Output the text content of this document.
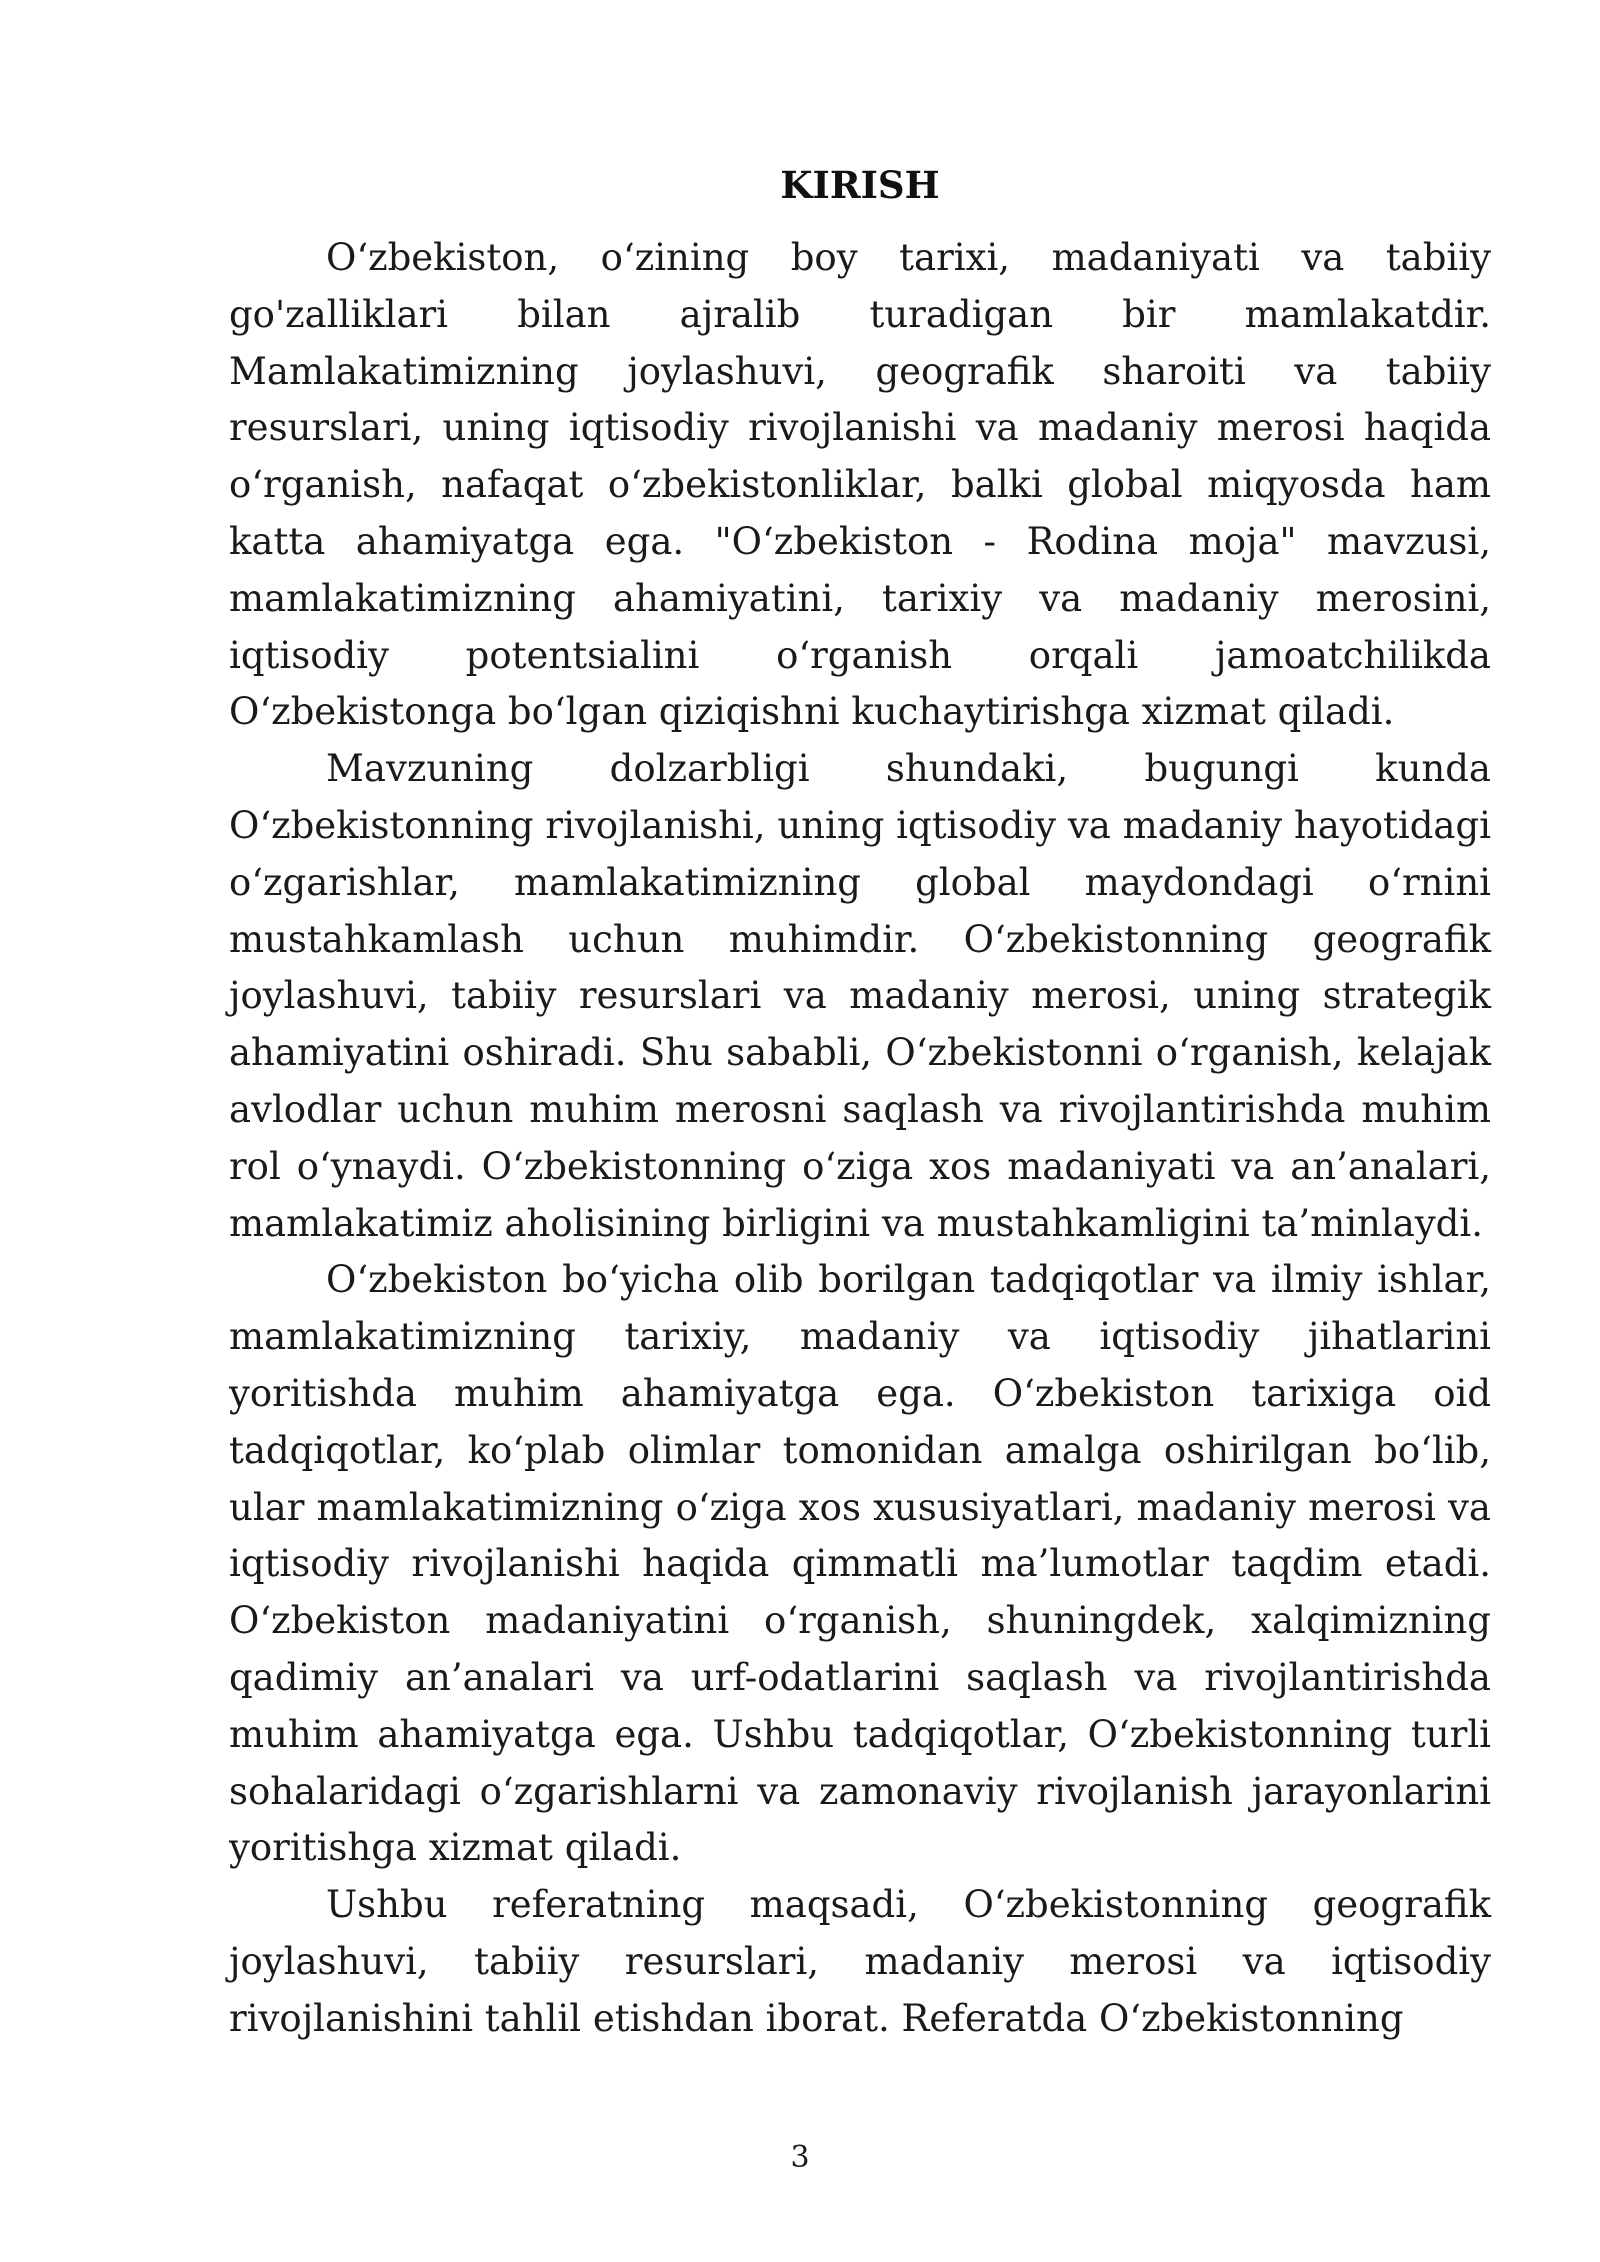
KIRISH

O‘zbekiston, o‘zining boy tarixi, madaniyati va tabiiy go'zalliklari bilan ajralib turadigan bir mamlakatdir. Mamlakatimizning joylashuvi, geografik sharoiti va tabiiy resurslari, uning iqtisodiy rivojlanishi va madaniy merosi haqida o‘rganish, nafaqat o‘zbekistonliklar, balki global miqyosda ham katta ahamiyatga ega. "O‘zbekiston - Rodina moja" mavzusi, mamlakatimizning ahamiyatini, tarixiy va madaniy merosini, iqtisodiy potentsialini o‘rganish orqali jamoatchilikda O‘zbekistonga bo‘lgan qiziqishni kuchaytirishga xizmat qiladi.

Mavzuning dolzarbligi shundaki, bugungi kunda O‘zbekistonning rivojlanishi, uning iqtisodiy va madaniy hayotidagi o‘zgarishlar, mamlakatimizning global maydondagi o‘rnini mustahkamlash uchun muhimdir. O‘zbekistonning geografik joylashuvi, tabiiy resurslari va madaniy merosi, uning strategik ahamiyatini oshiradi. Shu sababli, O‘zbekistonni o‘rganish, kelajak avlodlar uchun muhim merosni saqlash va rivojlantirishda muhim rol o‘ynaydi. O‘zbekistonning o‘ziga xos madaniyati va an’analari, mamlakatimiz aholisining birligini va mustahkamligini ta’minlaydi.

O‘zbekiston bo‘yicha olib borilgan tadqiqotlar va ilmiy ishlar, mamlakatimizning tarixiy, madaniy va iqtisodiy jihatlarini yoritishda muhim ahamiyatga ega. O‘zbekiston tarixiga oid tadqiqotlar, ko‘plab olimlar tomonidan amalga oshirilgan bo‘lib, ular mamlakatimizning o‘ziga xos xususiyatlari, madaniy merosi va iqtisodiy rivojlanishi haqida qimmatli ma’lumotlar taqdim etadi. O‘zbekiston madaniyatini o‘rganish, shuningdek, xalqimizning qadimiy an’analari va urf-odatlarini saqlash va rivojlantirishda muhim ahamiyatga ega. Ushbu tadqiqotlar, O‘zbekistonning turli sohalaridagi o‘zgarishlarni va zamonaviy rivojlanish jarayonlarini yoritishga xizmat qiladi.

Ushbu referatning maqsadi, O‘zbekistonning geografik joylashuvi, tabiiy resurslari, madaniy merosi va iqtisodiy rivojlanishini tahlil etishdan iborat. Referatda O‘zbekistonning

3
